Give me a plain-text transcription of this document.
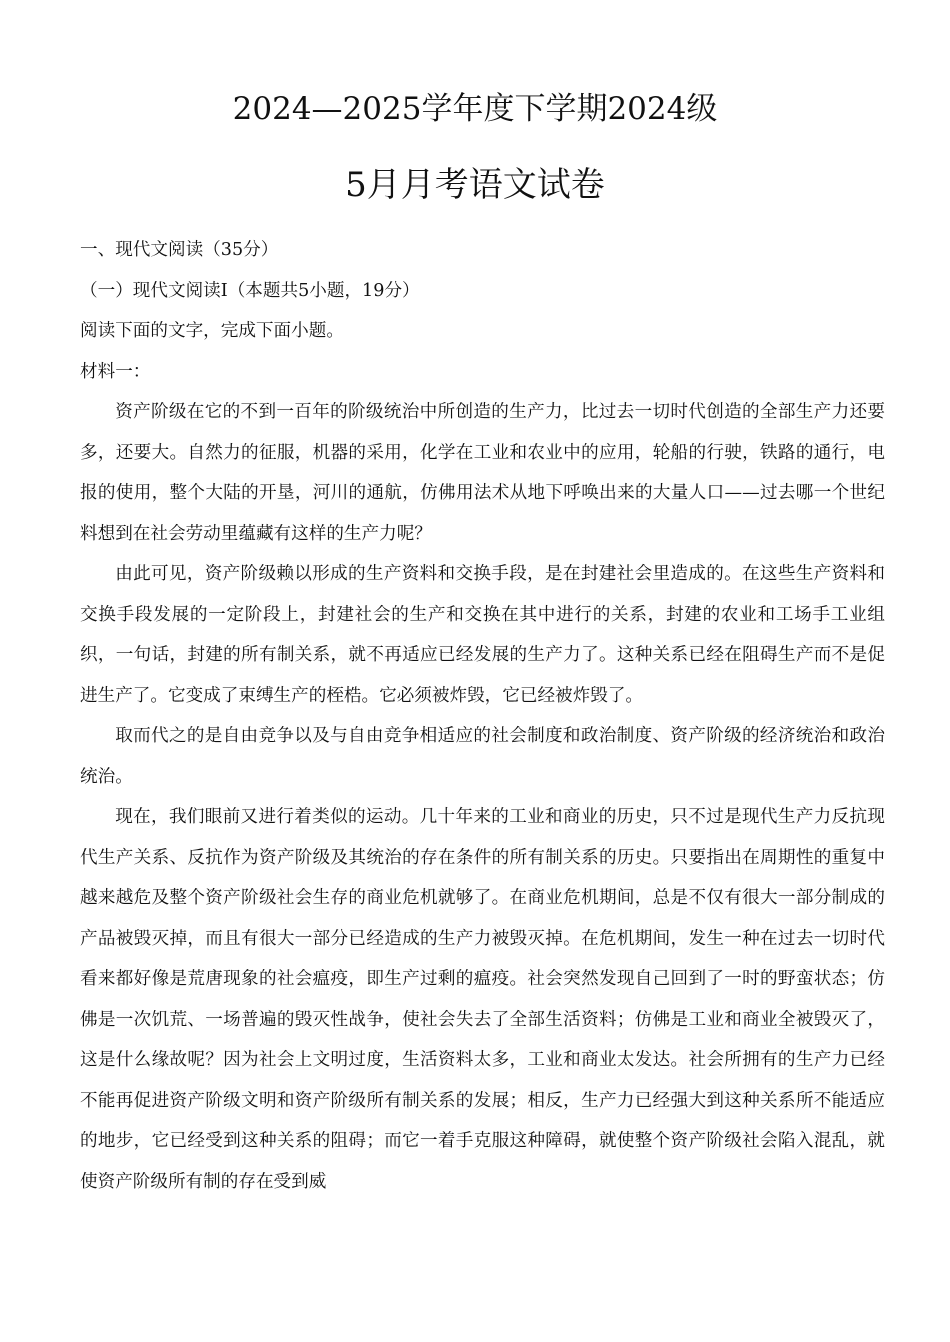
2024—2025学年度下学期2024级
5月月考语文试卷

一、现代文阅读（35分）

（一）现代文阅读I（本题共5小题，19分）

阅读下面的文字，完成下面小题。

材料一：

资产阶级在它的不到一百年的阶级统治中所创造的生产力，比过去一切时代创造的全部生产力还要多，还要大。自然力的征服，机器的采用，化学在工业和农业中的应用，轮船的行驶，铁路的通行，电报的使用，整个大陆的开垦，河川的通航，仿佛用法术从地下呼唤出来的大量人口——过去哪一个世纪料想到在社会劳动里蕴藏有这样的生产力呢？

由此可见，资产阶级赖以形成的生产资料和交换手段，是在封建社会里造成的。在这些生产资料和交换手段发展的一定阶段上，封建社会的生产和交换在其中进行的关系，封建的农业和工场手工业组织，一句话，封建的所有制关系，就不再适应已经发展的生产力了。这种关系已经在阻碍生产而不是促进生产了。它变成了束缚生产的桎梏。它必须被炸毁，它已经被炸毁了。

取而代之的是自由竞争以及与自由竞争相适应的社会制度和政治制度、资产阶级的经济统治和政治统治。

现在，我们眼前又进行着类似的运动。几十年来的工业和商业的历史，只不过是现代生产力反抗现代生产关系、反抗作为资产阶级及其统治的存在条件的所有制关系的历史。只要指出在周期性的重复中越来越危及整个资产阶级社会生存的商业危机就够了。在商业危机期间，总是不仅有很大一部分制成的产品被毁灭掉，而且有很大一部分已经造成的生产力被毁灭掉。在危机期间，发生一种在过去一切时代看来都好像是荒唐现象的社会瘟疫，即生产过剩的瘟疫。社会突然发现自己回到了一时的野蛮状态；仿佛是一次饥荒、一场普遍的毁灭性战争，使社会失去了全部生活资料；仿佛是工业和商业全被毁灭了，这是什么缘故呢？因为社会上文明过度，生活资料太多，工业和商业太发达。社会所拥有的生产力已经不能再促进资产阶级文明和资产阶级所有制关系的发展；相反，生产力已经强大到这种关系所不能适应的地步，它已经受到这种关系的阻碍；而它一着手克服这种障碍，就使整个资产阶级社会陷入混乱，就使资产阶级所有制的存在受到威
